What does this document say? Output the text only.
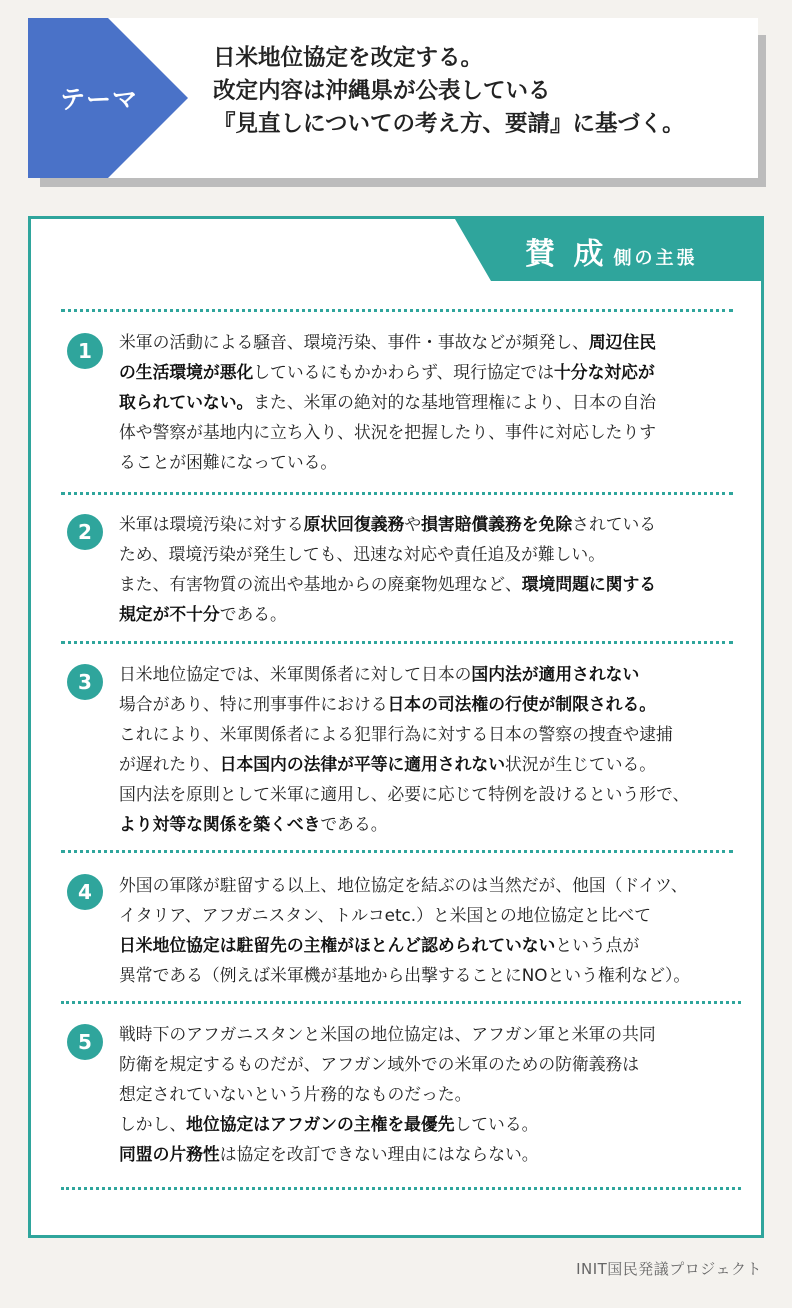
テーマ
日米地位協定を改定する。
改定内容は沖縄県が公表している
『見直しについての考え方、要請』に基づく。
賛 成 側の主張
1	米軍の活動による騒音、環境汚染、事件・事故などが頻発し、周辺住民
の生活環境が悪化しているにもかかわらず、現行協定では十分な対応が
取られていない。また、米軍の絶対的な基地管理権により、日本の自治
体や警察が基地内に立ち入り、状況を把握したり、事件に対応したりす
ることが困難になっている。
2	米軍は環境汚染に対する原状回復義務や損害賠償義務を免除されている
ため、環境汚染が発生しても、迅速な対応や責任追及が難しい。
また、有害物質の流出や基地からの廃棄物処理など、環境問題に関する
規定が不十分である。
3	日米地位協定では、米軍関係者に対して日本の国内法が適用されない
場合があり、特に刑事事件における日本の司法権の行使が制限される。
これにより、米軍関係者による犯罪行為に対する日本の警察の捜査や逮捕
が遅れたり、日本国内の法律が平等に適用されない状況が生じている。
国内法を原則として米軍に適用し、必要に応じて特例を設けるという形で、
より対等な関係を築くべきである。
4	外国の軍隊が駐留する以上、地位協定を結ぶのは当然だが、他国（ドイツ、
イタリア、アフガニスタン、トルコetc.）と米国との地位協定と比べて
日米地位協定は駐留先の主権がほとんど認められていないという点が
異常である（例えば米軍機が基地から出撃することにNOという権利など）。
5	戦時下のアフガニスタンと米国の地位協定は、アフガン軍と米軍の共同
防衛を規定するものだが、アフガン域外での米軍のための防衛義務は
想定されていないという片務的なものだった。
しかし、地位協定はアフガンの主権を最優先している。
同盟の片務性は協定を改訂できない理由にはならない。
INIT国民発議プロジェクト
